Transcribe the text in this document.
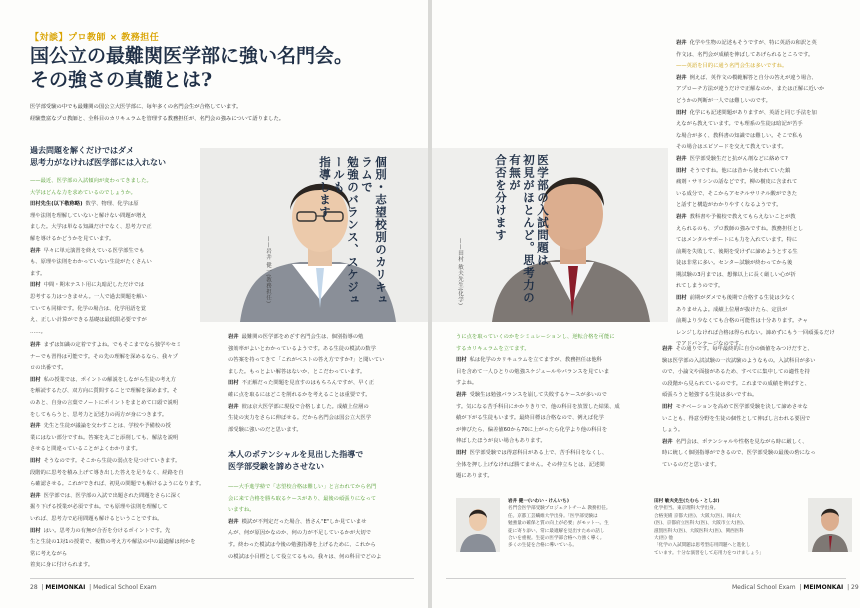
【対談】プロ教師 × 教務担任
国公立の最難関医学部に強い名門会。
その強さの真髄とは?
医学部受験の中でも最難関の国公立大医学部に、毎年多くの名門会生が合格しています。
経験豊富なプロ教師と、全科目のカリキュラムを管理する教務担任が、名門会の強みについて語りました。
過去問題を解くだけではダメ
思考力がなければ医学部には入れない
——最近、医学部の入試傾向が変わってきました。
大学はどんな力を求めているのでしょうか。
田村先生(以下敬称略) 数学、物理、化学は原
理や法則を理解していないと解けない問題が増え
ました。大学は単なる知識だけでなく、思考力で正
解を導けるかどうかを見ています。
岩井 早々に単元演習を終えている医学部生でも
も、原理や法則をわかっていない生徒がたくさんい
ます。
田村 中間・期末テスト用に丸暗記しただけでは
思考する力はつきません。一人で過去問題を解い
ていても同様です。化学の場合は、化学用語を覚
え、正しい計算ができる基礎は最低限必要ですが
……。
個別・志望校別のカリキュラムで
勉強のバランス、スケジュールも
指導します
——岩井 健一(教務担任)
岩井 まずは知識の定着ですよね。でもそこまでなら独学やセミ
ナーでも習得は可能です。その先の理解を深めるなら、我々プ
ロの出番です。
田村 私の授業では、ポイントの解説をしながら生徒の考え方
を解読するたび、双方向に質問することで理解を深めます。そ
のあと、自身の言葉でノートにポイントをまとめて口頭で説明
をしてもらうと、思考力と記述力の両方が身につきます。
岩井 先生と生徒が議論を交わすことは、学校や予備校の授
業にはない部分ですね。答案を丸ごと添削しても、解法を説明
させると問違っていることがよくわかります。
田村 そうなのです。そこから生徒の弱点を見つけていきます。
段階的に思考を積み上げて導き出した答えを足りなく、経路を自
ら確認させる。これができれば、初見の問題でも解けるようになります。
岩井 医学部では、医学部の入試で出題された問題をさらに深く
掘り下げる授業が必須ですね。でも原理や法則を理解して
いれば、思考力で応用問題も解けるということですね。
田村 はい。思考力の有無が合否を分けるポイントです。先
生と生徒の1対1の授業で、複数の考え方や解法の中の最適解は何かを
常に考えながら
着実に身に付けられます。
岩井 最難関の医学部をめざす名門会生は、個別指導の勉
強効率がよいとわかっているようです。ある生徒の模試の数学
の答案を持ってきて「これがベストの答え方ですか?」と聞いてい
ました。もっとよい解答はないか、とこだわっています。
田村 不正解だった問題を見直すのはもちろんですが、早く正
確に点を取るにはどこを削れるかを考えることは重要です。
岩井 彼は京大医学部に現役で合格しました。成績上位層の
生徒の実力をさらに伸ばせる。だから名門会は国公立大医学
部受験に強いのだと思います。
本人のポテンシャルを見出した指導で
医学部受験を諦めさせない
——大手進学塾で「志望校合格は難しい」と言われてから名門
会に来て合格を勝ち取るケースがあり、最後の頑張りになって
いますね。
岩井 模試が不判定だった場合、皆さん"E"しか見ていませ
んが、何が原因かなのか、何の力が不足しているかが大切で
す。終わった模試は今後の勉強指導を上げるために、これから
の模試は小目標として役立てるもの。我々は、何の科目でどのよ
28  | MEIMONKAI  | Medical School Exam
医学部の入試問題は
初見がほとんど。思考力の有無が
合否を分けます
——田村 敏夫先生(化学)
岩井 化学や生物の記述もそうですが、特に英語の和訳と英
作文は、名門会が成績を伸ばしてあげられるところです。
——英語を目的に通う名門会生は多いですね。
岩井 例えば、英作文の模範解答と自分の答えが違う場合、
アプローチ方法が違うだけで正解なのか、または正解に近いか
どうかの判断が一人では難しいのです。
田村 化学にも記述問題がありますが、英語と同じ手法を加
えながら教えています。でも理系の生徒は暗記が苦手
な場合が多く、教科書の知識では難しい。そこで私も
その場合はエピソードを交えて教えています。
岩井 医学部受験生だと抗がん剤などに絡めて?
田村 そうですね。他には昔から使われていた鎮
痛剤・サリシンの話などです。柳の樹皮に含まれて
いる成分で、そこからアセチルサリチル酸ができた
と話すと構造がわかりやすくなるようです。
岩井 教科書や予備校で教えてもらえないことが教
えられるのも、プロ教師の強みですね。教務担任とし
てはメンタルサポートにも力を入れています。特に
前期を失敗して、後期を受けずに諦めようとする生
徒は非常に多い。センター試験が終わってから後
期試験の3月までは、想像以上に長く厳しい心が折
れてしまうのです。
田村 前期がダメでも後期で合格する生徒は少なく
ありませんよ。成績上位層が抜けたら、定員が
前期より少なくても合格の可能性は十分あります。チャ
レンジしなければ合格は得られない。諦めずにもう一回頑張るだけ
でアドバンテージなのです。
うに点を取っていくのかをシミュレーションし、逆転合格を可能に
するカリキュラムを立てます。
田村 私は化学のカリキュラムを立てますが、教務担任は他科
目を含めて一人ひとりの勉強スケジュールやバランスを見ていま
すよね。
岩井 受験生は勉強バランスを崩して失敗するケースが多いので
す。気になる苦手科目にかかりきりで、他の科目を放置した結果、成
績が下がる生徒もいます。最終目標は合格なので、例えば化学
が伸びたら、偏差値60から70に上がったら化学より他の科目を
伸ばしたほうが良い場合もあります。
田村 医学部受験では得意科目がある上で、苦手科目をなくし、
全体を押し上げなければ勝てません。その仲立ちとは、記述問
題にあります。
岩井 その通りです。毎年最終的に自分の価値をみつけだすと、
験は医学部の入試試験の一次試験のようなもの。入試科目が多い
ので、小論文や面接があるため、すべてに集中しての適性を持
の段階から見られているのです。これまでの成績を伸ばすと、
頑張ろうと勉強する生徒は多いですね。
田村 モチベーションを高めて医学部受験を決して諦めさせな
いことも、得意分野を生徒の個性として伸ばし言われる要因で
しょう。
岩井 名門会は、ポテンシャルや性格を見ながら時に厳しく、
時に統しく個別指導ができるので、医学部受験の最後の砦になっ
ているのだと思います。
岩井 健一(いわい・けんいち)
名門会医学部受験プロジェクトチーム 教務担任。
任。京都工芸繊維大学出身。「医学部受験は
勉強量の確保と質の向上が必要」がモットー。生
徒に寄り添い、常に最適解を見出すための話し
合いを重視。生徒の医学部合格へ力強く導く。
多くの生徒を合格に導いている。
田村 敏夫先生(たむら・としお)
化学担当。東京理科大学出身。
合格実績 京都大(医)、大阪大(医)、岡山大
(医)、京都府立医科大(医)、大阪市立大(医)、
滋賀医科大(医)、大阪医科大(医)、関西医科
大(医) 他
「化学の入試問題は思考型応用問題へと進化し
ています。十分な演習をして応用力をつけましょう」
Medical School Exam  | MEIMONKAI  | 29
